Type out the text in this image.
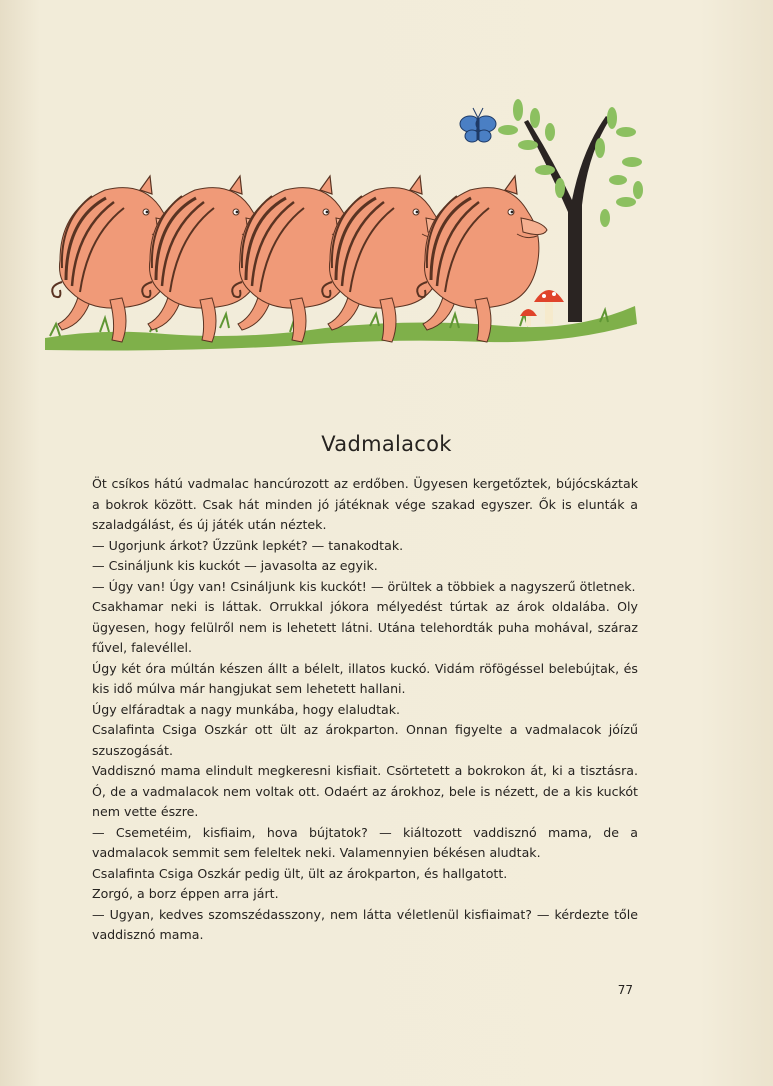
Vadmalacok

Öt csíkos hátú vadmalac hancúrozott az erdőben. Ügyesen kergetőztek, bújócskáztak a bokrok között. Csak hát minden jó játéknak vége szakad egyszer. Ők is elunták a szaladgálást, és új játék után néztek.

— Ugorjunk árkot? Űzzünk lepkét? — tanakodtak.

— Csináljunk kis kuckót — javasolta az egyik.

— Úgy van! Úgy van! Csináljunk kis kuckót! — örültek a többiek a nagyszerű ötletnek.

Csakhamar neki is láttak. Orrukkal jókora mélyedést túrtak az árok oldalába. Oly ügyesen, hogy felülről nem is lehetett látni. Utána telehordták puha mohával, száraz fűvel, falevéllel.

Úgy két óra múltán készen állt a bélelt, illatos kuckó. Vidám röfögéssel belebújtak, és kis idő múlva már hangjukat sem lehetett hallani.

Úgy elfáradtak a nagy munkába, hogy elaludtak.

Csalafinta Csiga Oszkár ott ült az árokparton. Onnan figyelte a vadmalacok jóízű szuszogását.

Vaddisznó mama elindult megkeresni kisfiait. Csörtetett a bokrokon át, ki a tisztásra. Ó, de a vadmalacok nem voltak ott. Odaért az árokhoz, bele is nézett, de a kis kuckót nem vette észre.

— Csemetéim, kisfiaim, hova bújtatok? — kiáltozott vaddisznó mama, de a vadmalacok semmit sem feleltek neki. Valamennyien békésen aludtak.

Csalafinta Csiga Oszkár pedig ült, ült az árokparton, és hallgatott.

Zorgó, a borz éppen arra járt.

— Ugyan, kedves szomszédasszony, nem látta véletlenül kisfiaimat? — kérdezte tőle vaddisznó mama.

77
